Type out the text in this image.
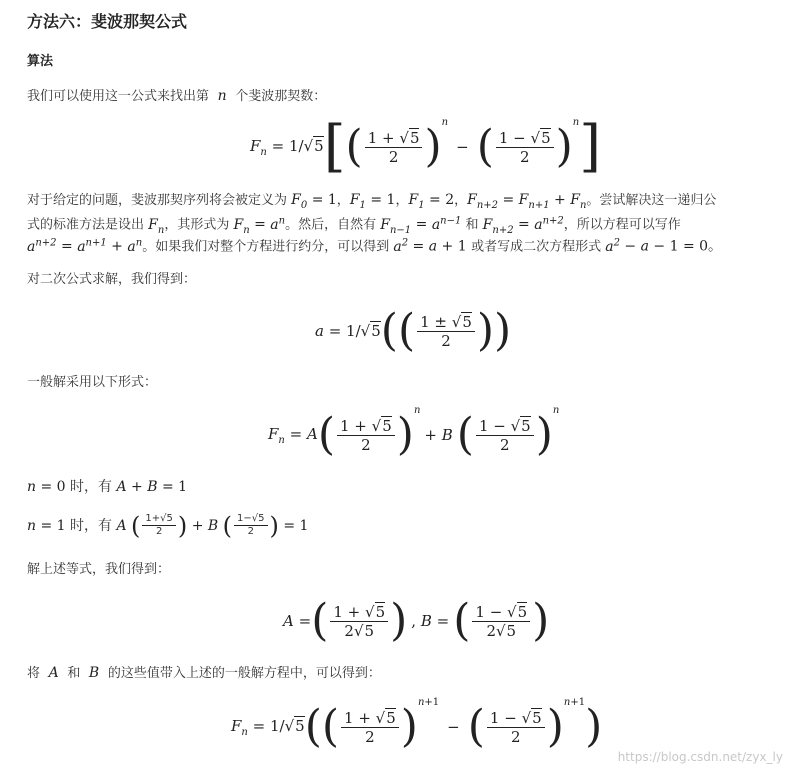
方法六：斐波那契公式
算法
我们可以使用这一公式来找出第  n  个斐波那契数：
$F_n = 1/√5$ [ ( $\frac{1 + √5}{2}$ ) $^n$
− ( $\frac{1 - √5}{2}$ ) $^n$ ]
对于给定的问题，斐波那契序列将会被定义为 $F_0 = 1$，$F_1 = 1$，$F_1 = 2$，$F_{n+2} = F_{n+1} + F_n$。尝试解决这一递归公
式的标准方法是设出 $F_n$，其形式为 $F_n = a^n$。然后，自然有 $F_{n-1} = a^{n-1}$ 和 $F_{n+2} = a^{n+2}$，所以方程可以写作
$a^{n+2} = a^{n+1} + a^n$。如果我们对整个方程进行约分，可以得到 $a^2 = a + 1$ 或者写成二次方程形式 $a^2 - a - 1 = 0$。
对二次公式求解，我们得到：
a = 1/√5 ( ( $\frac{1 \pm √5}{2}$ ) )
一般解采用以下形式：
$F_n = A$ ( $\frac{1 + √5}{2}$ ) $^n$
+ B ( $\frac{1 - √5}{2}$ ) $^n$
n = 0 时，有 A + B = 1
n = 1 时，有 A ( $\frac{1+√5}{2}$ ) + B ( $\frac{1-√5}{2}$ ) = 1
解上述等式，我们得到：
A = ( $\frac{1 + √5}{2√5}$ ) , B = ( $\frac{1 - √5}{2√5}$ )
将  A  和  B  的这些值带入上述的一般解方程中，可以得到：
$F_n = 1/√5$ ( ( $\frac{1 + √5}{2}$ ) $^{n+1}$
− ( $\frac{1 - √5}{2}$ ) $^{n+1}$ )
https://blog.csdn.net/zyx_ly
